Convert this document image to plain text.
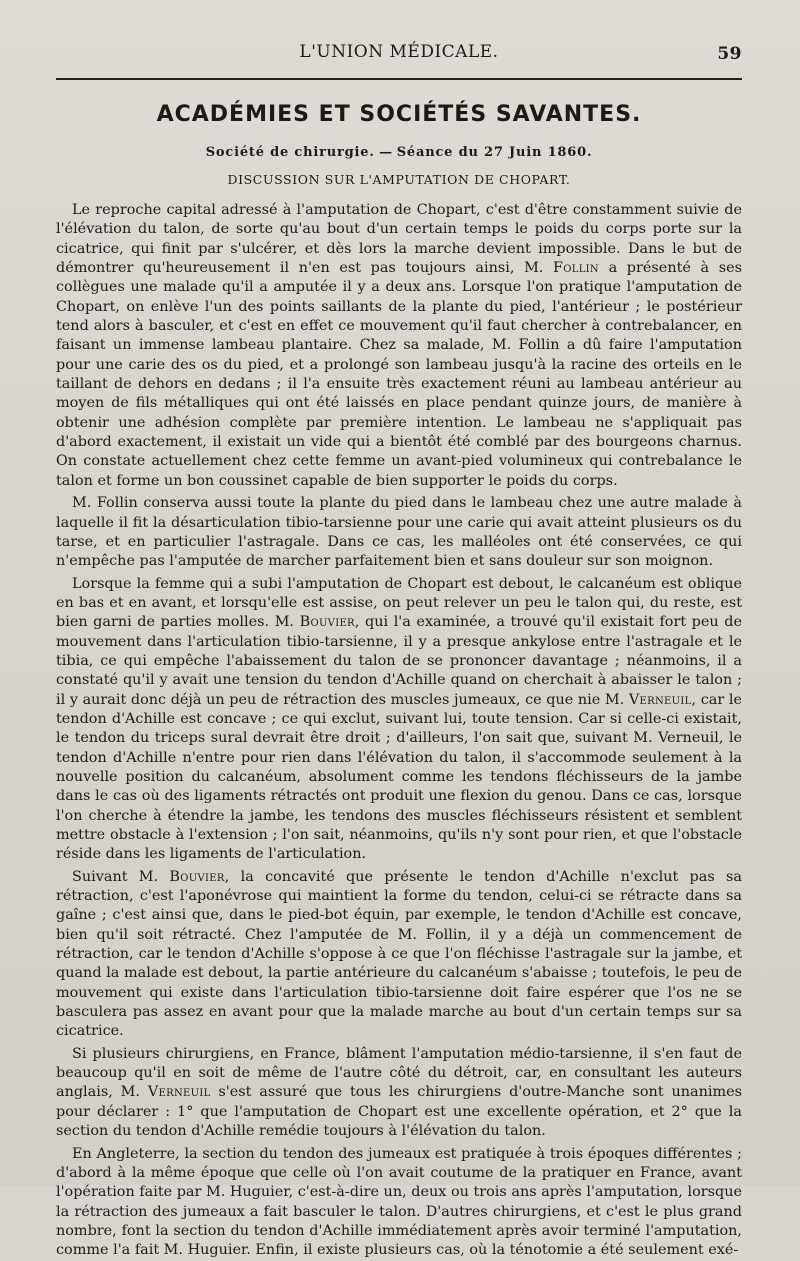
L'UNION MÉDICALE.	59
ACADÉMIES ET SOCIÉTÉS SAVANTES.
Société de chirurgie. — Séance du 27 Juin 1860.
DISCUSSION SUR L'AMPUTATION DE CHOPART.

Le reproche capital adressé à l'amputation de Chopart, c'est d'être constamment suivie de l'élévation du talon, de sorte qu'au bout d'un certain temps le poids du corps porte sur la cicatrice, qui finit par s'ulcérer, et dès lors la marche devient impossible. Dans le but de démontrer qu'heureusement il n'en est pas toujours ainsi, M. Follin a présenté à ses collègues une malade qu'il a amputée il y a deux ans. Lorsque l'on pratique l'amputation de Chopart, on enlève l'un des points saillants de la plante du pied, l'antérieur ; le postérieur tend alors à basculer, et c'est en effet ce mouvement qu'il faut chercher à contrebalancer, en faisant un immense lambeau plantaire. Chez sa malade, M. Follin a dû faire l'amputation pour une carie des os du pied, et a prolongé son lambeau jusqu'à la racine des orteils en le taillant de dehors en dedans ; il l'a ensuite très exactement réuni au lambeau antérieur au moyen de fils métalliques qui ont été laissés en place pendant quinze jours, de manière à obtenir une adhésion complète par première intention. Le lambeau ne s'appliquait pas d'abord exactement, il existait un vide qui a bientôt été comblé par des bourgeons charnus. On constate actuellement chez cette femme un avant-pied volumineux qui contrebalance le talon et forme un bon coussinet capable de bien supporter le poids du corps.

M. Follin conserva aussi toute la plante du pied dans le lambeau chez une autre malade à laquelle il fit la désarticulation tibio-tarsienne pour une carie qui avait atteint plusieurs os du tarse, et en particulier l'astragale. Dans ce cas, les malléoles ont été conservées, ce qui n'empêche pas l'amputée de marcher parfaitement bien et sans douleur sur son moignon.

Lorsque la femme qui a subi l'amputation de Chopart est debout, le calcanéum est oblique en bas et en avant, et lorsqu'elle est assise, on peut relever un peu le talon qui, du reste, est bien garni de parties molles. M. Bouvier, qui l'a examinée, a trouvé qu'il existait fort peu de mouvement dans l'articulation tibio-tarsienne, il y a presque ankylose entre l'astragale et le tibia, ce qui empêche l'abaissement du talon de se prononcer davantage ; néanmoins, il a constaté qu'il y avait une tension du tendon d'Achille quand on cherchait à abaisser le talon ; il y aurait donc déjà un peu de rétraction des muscles jumeaux, ce que nie M. Verneuil, car le tendon d'Achille est concave ; ce qui exclut, suivant lui, toute tension. Car si celle-ci existait, le tendon du triceps sural devrait être droit ; d'ailleurs, l'on sait que, suivant M. Verneuil, le tendon d'Achille n'entre pour rien dans l'élévation du talon, il s'accommode seulement à la nouvelle position du calcanéum, absolument comme les tendons fléchisseurs de la jambe dans le cas où des ligaments rétractés ont produit une flexion du genou. Dans ce cas, lorsque l'on cherche à étendre la jambe, les tendons des muscles fléchisseurs résistent et semblent mettre obstacle à l'extension ; l'on sait, néanmoins, qu'ils n'y sont pour rien, et que l'obstacle réside dans les ligaments de l'articulation.

Suivant M. Bouvier, la concavité que présente le tendon d'Achille n'exclut pas sa rétraction, c'est l'aponévrose qui maintient la forme du tendon, celui-ci se rétracte dans sa gaîne ; c'est ainsi que, dans le pied-bot équin, par exemple, le tendon d'Achille est concave, bien qu'il soit rétracté. Chez l'amputée de M. Follin, il y a déjà un commencement de rétraction, car le tendon d'Achille s'oppose à ce que l'on fléchisse l'astragale sur la jambe, et quand la malade est debout, la partie antérieure du calcanéum s'abaisse ; toutefois, le peu de mouvement qui existe dans l'articulation tibio-tarsienne doit faire espérer que l'os ne se basculera pas assez en avant pour que la malade marche au bout d'un certain temps sur sa cicatrice.

Si plusieurs chirurgiens, en France, blâment l'amputation médio-tarsienne, il s'en faut de beaucoup qu'il en soit de même de l'autre côté du détroit, car, en consultant les auteurs anglais, M. Verneuil s'est assuré que tous les chirurgiens d'outre-Manche sont unanimes pour déclarer : 1° que l'amputation de Chopart est une excellente opération, et 2° que la section du tendon d'Achille remédie toujours à l'élévation du talon.

En Angleterre, la section du tendon des jumeaux est pratiquée à trois époques différentes ; d'abord à la même époque que celle où l'on avait coutume de la pratiquer en France, avant l'opération faite par M. Huguier, c'est-à-dire un, deux ou trois ans après l'amputation, lorsque la rétraction des jumeaux a fait basculer le talon. D'autres chirurgiens, et c'est le plus grand nombre, font la section du tendon d'Achille immédiatement après avoir terminé l'amputation, comme l'a fait M. Huguier. Enfin, il existe plusieurs cas, où la ténotomie a été seulement exé-
